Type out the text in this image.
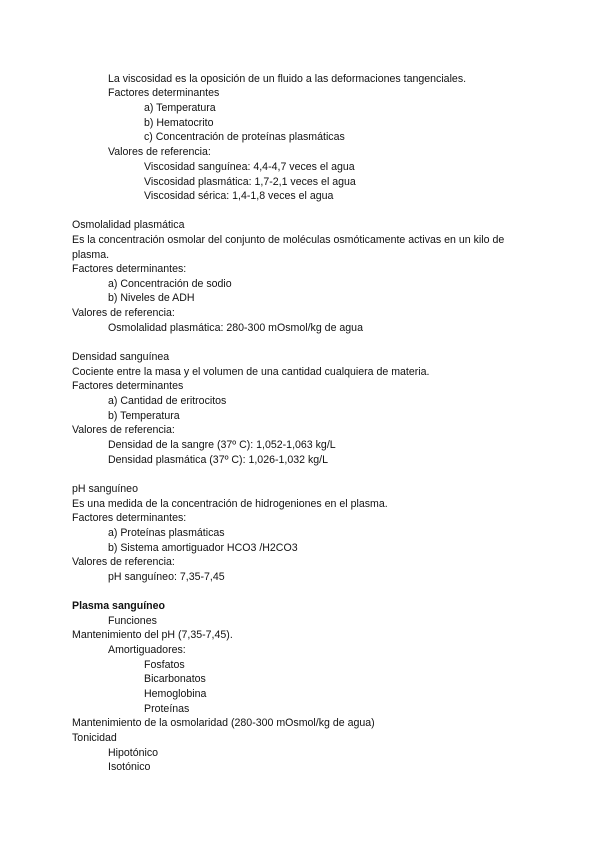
La viscosidad es la oposición de un fluido a las deformaciones tangenciales.
Factores determinantes
a) Temperatura
b) Hematocrito
c) Concentración de proteínas plasmáticas
Valores de referencia:
Viscosidad sanguínea: 4,4-4,7 veces el agua
Viscosidad plasmática: 1,7-2,1 veces el agua
Viscosidad sérica: 1,4-1,8 veces el agua
Osmolalidad plasmática
Es la concentración osmolar del conjunto de moléculas osmóticamente activas en un kilo de
plasma.
Factores determinantes:
a) Concentración de sodio
b) Niveles de ADH
Valores de referencia:
Osmolalidad plasmática: 280-300 mOsmol/kg de agua
Densidad sanguínea
Cociente entre la masa y el volumen de una cantidad cualquiera de materia.
Factores determinantes
a) Cantidad de eritrocitos
b) Temperatura
Valores de referencia:
Densidad de la sangre (37º C): 1,052-1,063 kg/L
Densidad plasmática (37º C): 1,026-1,032 kg/L
pH sanguíneo
Es una medida de la concentración de hidrogeniones en el plasma.
Factores determinantes:
a) Proteínas plasmáticas
b) Sistema amortiguador HCO3 /H2CO3
Valores de referencia:
pH sanguíneo: 7,35-7,45
Plasma sanguíneo
Funciones
Mantenimiento del pH (7,35-7,45).
Amortiguadores:
Fosfatos
Bicarbonatos
Hemoglobina
Proteínas
Mantenimiento de la osmolaridad (280-300 mOsmol/kg de agua)
Tonicidad
Hipotónico
Isotónico
